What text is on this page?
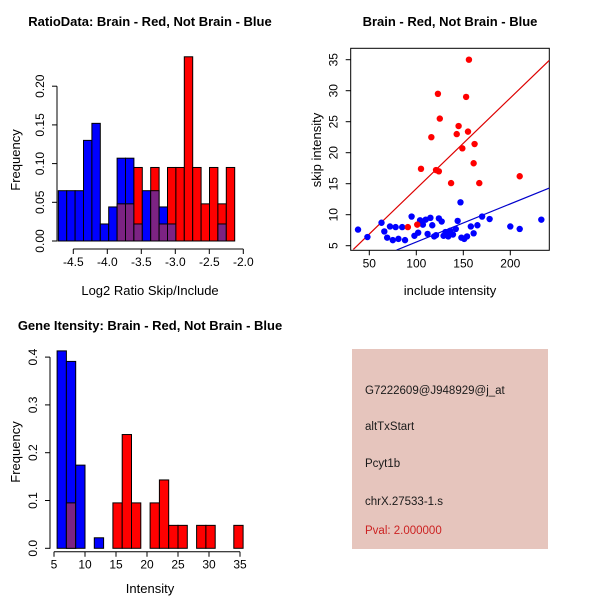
0.00
0.05
0.10
0.15
0.20
-4.5 -4.0 -3.5 -3.0 -2.5 -2.0
RatioData: Brain - Red, Not Brain - Blue
Log2 Ratio Skip/Include
Frequency
50	100 150 200
5
10
15
20
25
30
35
Brain - Red, Not Brain - Blue
include intensity
skip intensity
0.0
0.1
0.2
0.3
0.4
5 10 15 20 25 30 35
Gene Itensity: Brain - Red, Not Brain - Blue
Intensity
Frequency
G7222609@J948929@j_at
altTxStart
Pcyt1b
chrX.27533-1.s
Pval: 2.000000
